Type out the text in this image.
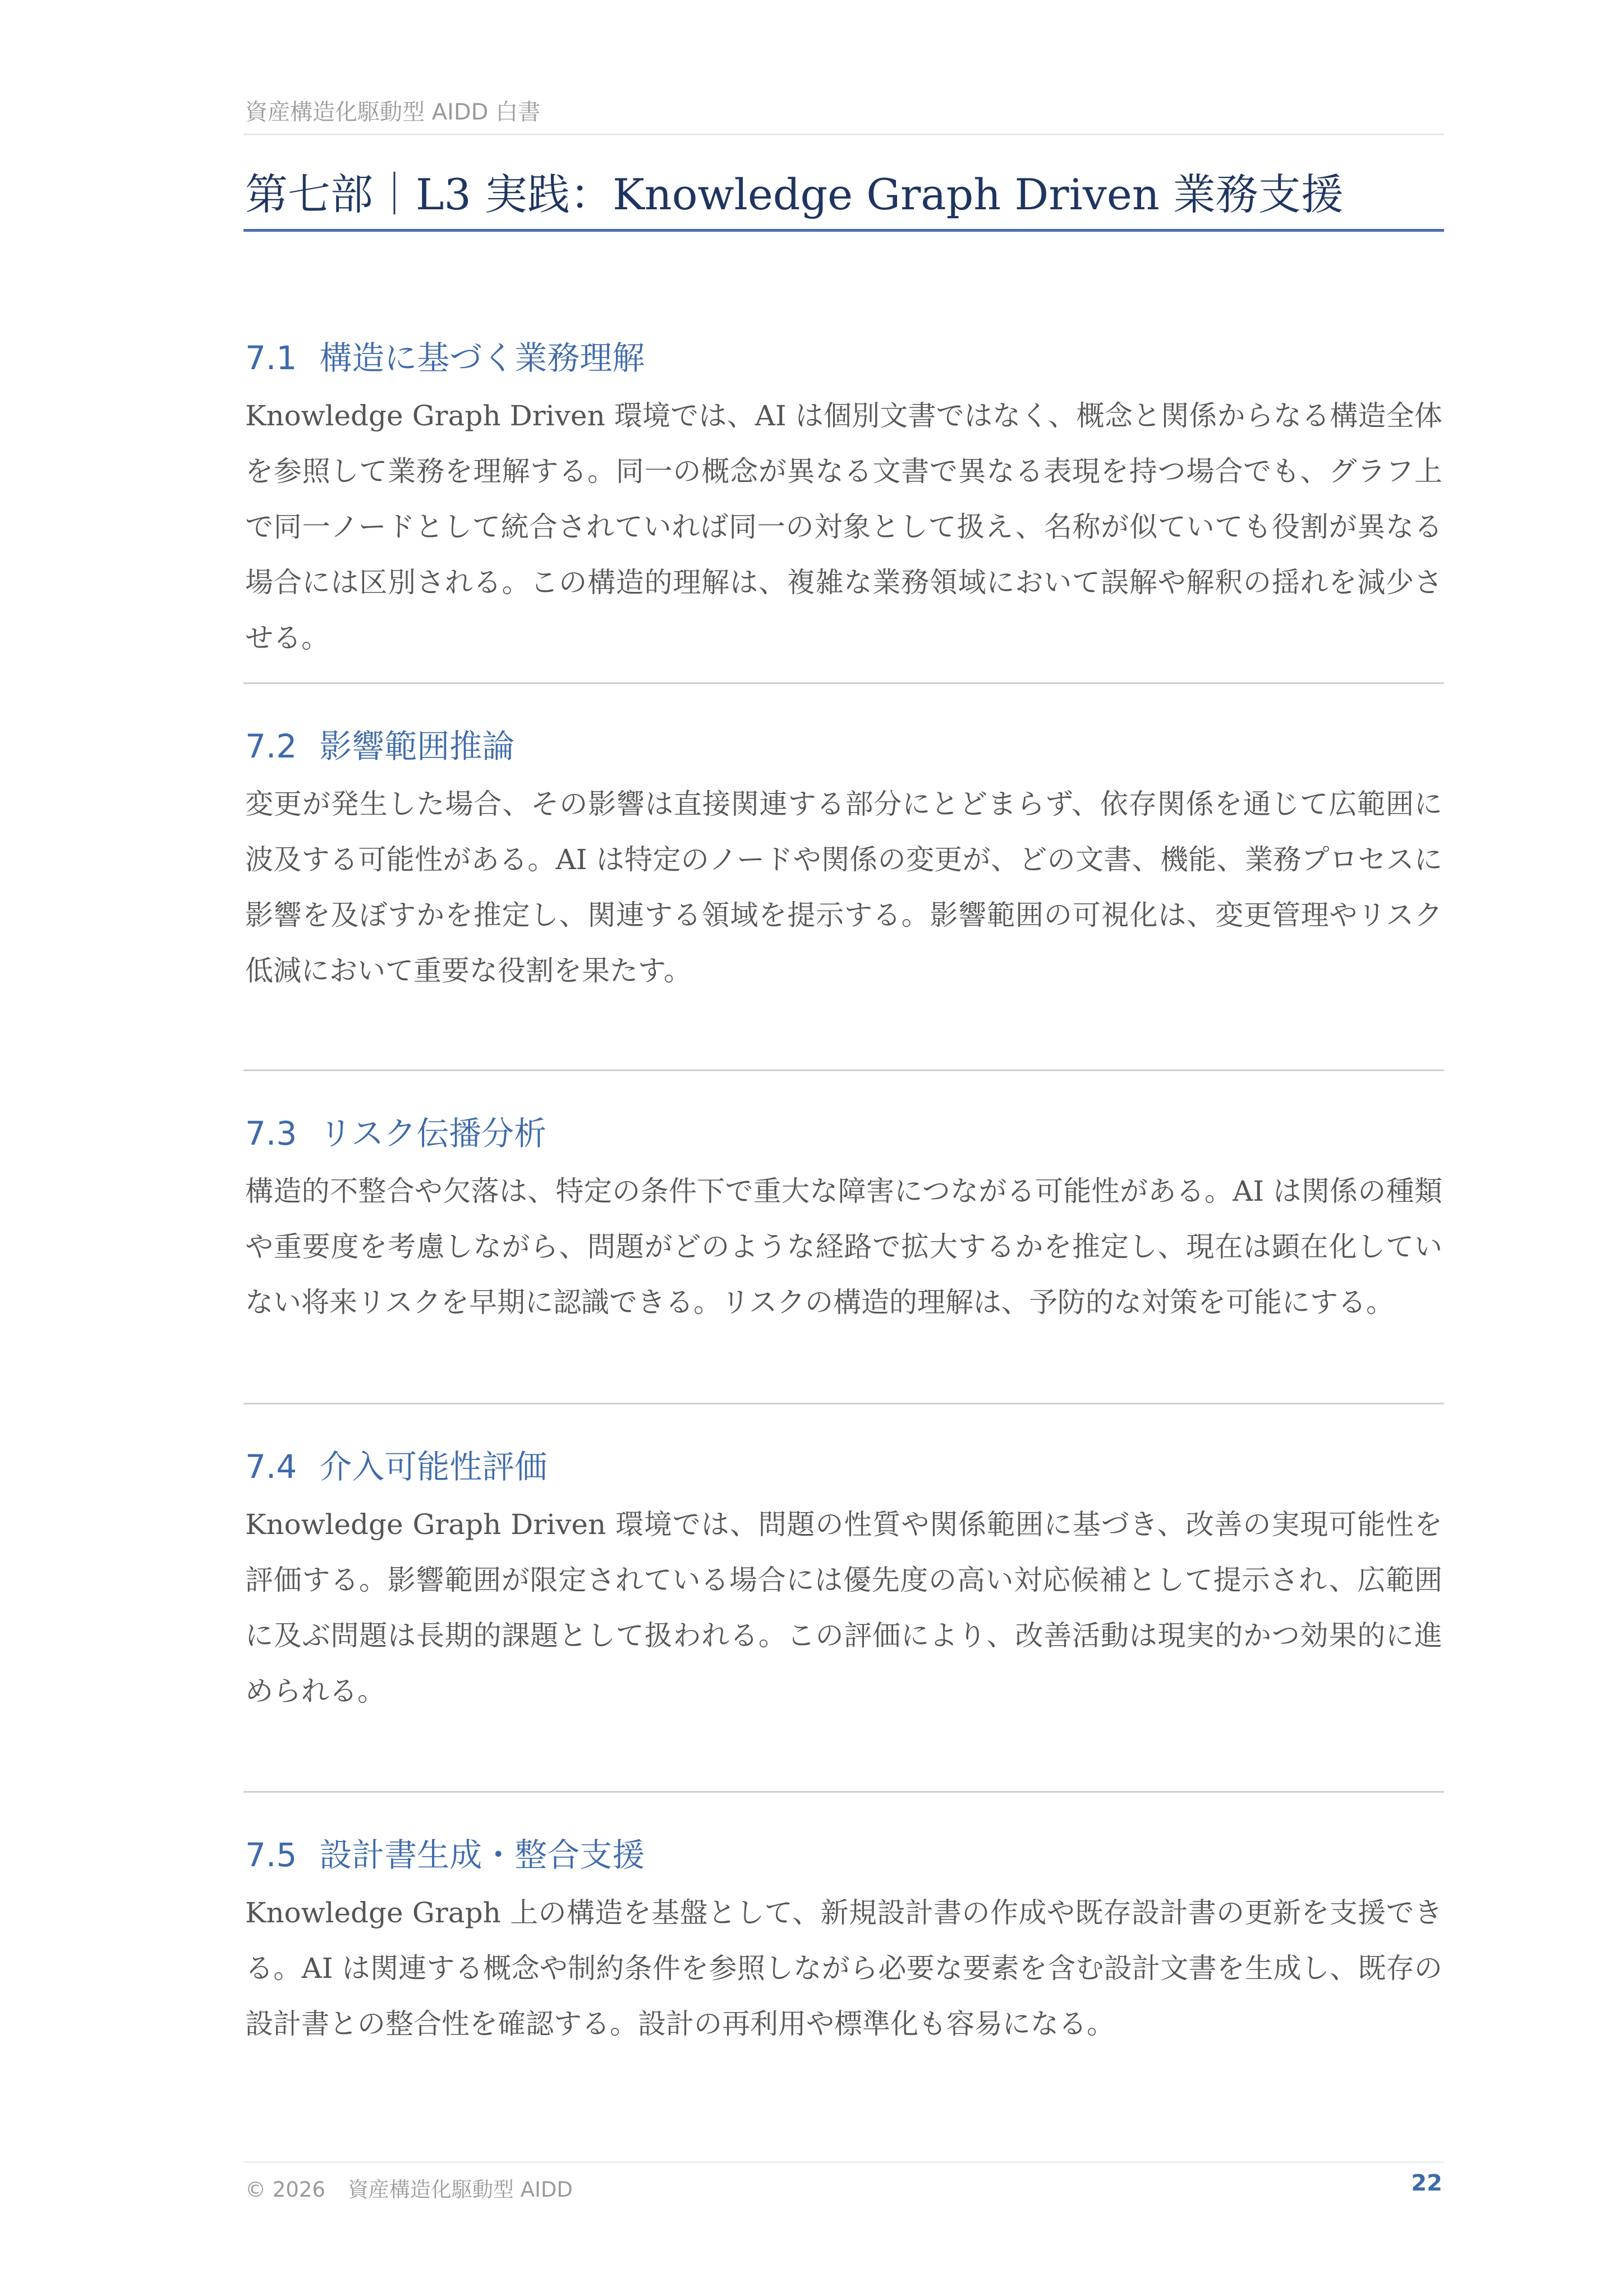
資産構造化駆動型 AIDD 白書
第七部｜L3 実践：Knowledge Graph Driven 業務支援
7.1 構造に基づく業務理解

Knowledge Graph Driven 環境では、AI は個別文書ではなく、概念と関係からなる構造全体を参照して業務を理解する。同一の概念が異なる文書で異なる表現を持つ場合でも、グラフ上で同一ノードとして統合されていれば同一の対象として扱え、名称が似ていても役割が異なる場合には区別される。この構造的理解は、複雑な業務領域において誤解や解釈の揺れを減少させる。

7.2 影響範囲推論

変更が発生した場合、その影響は直接関連する部分にとどまらず、依存関係を通じて広範囲に波及する可能性がある。AI は特定のノードや関係の変更が、どの文書、機能、業務プロセスに影響を及ぼすかを推定し、関連する領域を提示する。影響範囲の可視化は、変更管理やリスク低減において重要な役割を果たす。

7.3 リスク伝播分析

構造的不整合や欠落は、特定の条件下で重大な障害につながる可能性がある。AI は関係の種類や重要度を考慮しながら、問題がどのような経路で拡大するかを推定し、現在は顕在化していない将来リスクを早期に認識できる。リスクの構造的理解は、予防的な対策を可能にする。

7.4 介入可能性評価

Knowledge Graph Driven 環境では、問題の性質や関係範囲に基づき、改善の実現可能性を評価する。影響範囲が限定されている場合には優先度の高い対応候補として提示され、広範囲に及ぶ問題は長期的課題として扱われる。この評価により、改善活動は現実的かつ効果的に進められる。

7.5 設計書生成・整合支援

Knowledge Graph 上の構造を基盤として、新規設計書の作成や既存設計書の更新を支援できる。AI は関連する概念や制約条件を参照しながら必要な要素を含む設計文書を生成し、既存の設計書との整合性を確認する。設計の再利用や標準化も容易になる。

© 2026 資産構造化駆動型 AIDD	22
